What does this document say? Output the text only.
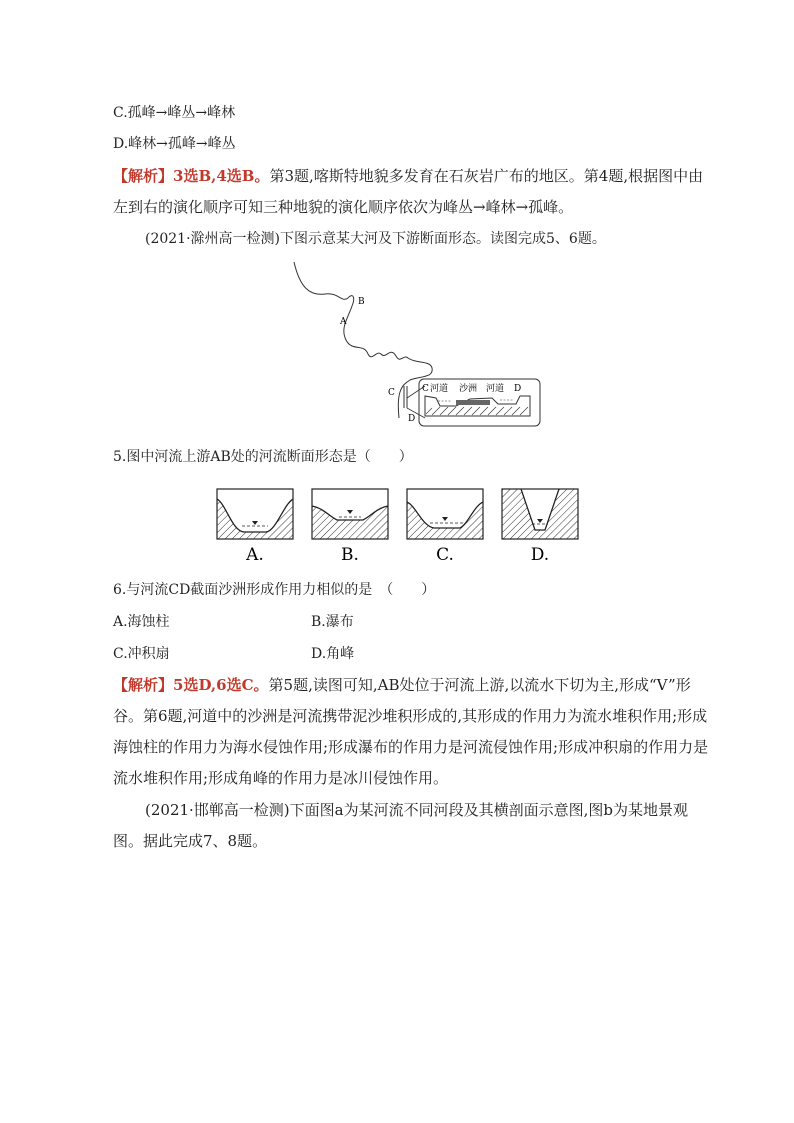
C.孤峰→峰丛→峰林
D.峰林→孤峰→峰丛
【解析】3选B,4选B。第3题,喀斯特地貌多发育在石灰岩广布的地区。第4题,根据图中由
左到右的演化顺序可知三种地貌的演化顺序依次为峰丛→峰林→孤峰。
(2021·滁州高一检测)下图示意某大河及下游断面形态。读图完成5、6题。
B
A
C
D
C 河道 沙洲 河道 D
5.图中河流上游AB处的河流断面形态是（　　）
A.	B.	C.	D.
6.与河流CD截面沙洲形成作用力相似的是　（　　）
A.海蚀柱	B.瀑布
C.冲积扇	D.角峰
【解析】5选D,6选C。第5题,读图可知,AB处位于河流上游,以流水下切为主,形成“V”形
谷。第6题,河道中的沙洲是河流携带泥沙堆积形成的,其形成的作用力为流水堆积作用;形成
海蚀柱的作用力为海水侵蚀作用;形成瀑布的作用力是河流侵蚀作用;形成冲积扇的作用力是
流水堆积作用;形成角峰的作用力是冰川侵蚀作用。
(2021·邯郸高一检测)下面图a为某河流不同河段及其横剖面示意图,图b为某地景观
图。据此完成7、8题。
